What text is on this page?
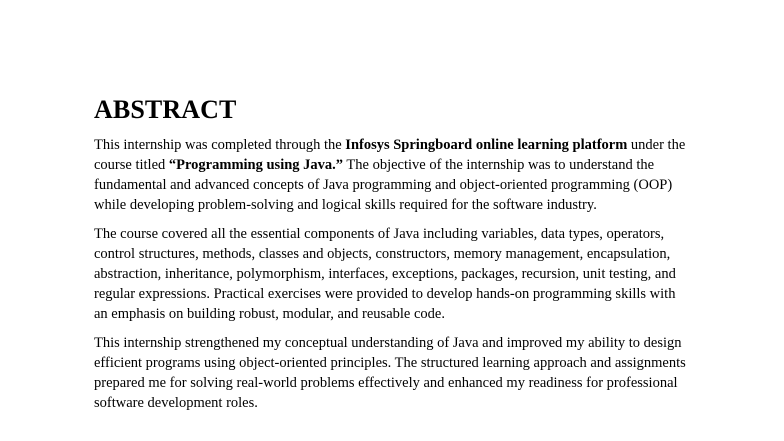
ABSTRACT

This internship was completed through the Infosys Springboard online learning platform under the course titled “Programming using Java.” The objective of the internship was to understand the fundamental and advanced concepts of Java programming and object-oriented programming (OOP) while developing problem-solving and logical skills required for the software industry.

The course covered all the essential components of Java including variables, data types, operators, control structures, methods, classes and objects, constructors, memory management, encapsulation, abstraction, inheritance, polymorphism, interfaces, exceptions, packages, recursion, unit testing, and regular expressions. Practical exercises were provided to develop hands-on programming skills with an emphasis on building robust, modular, and reusable code.

This internship strengthened my conceptual understanding of Java and improved my ability to design efficient programs using object-oriented principles. The structured learning approach and assignments prepared me for solving real-world problems effectively and enhanced my readiness for professional software development roles.
